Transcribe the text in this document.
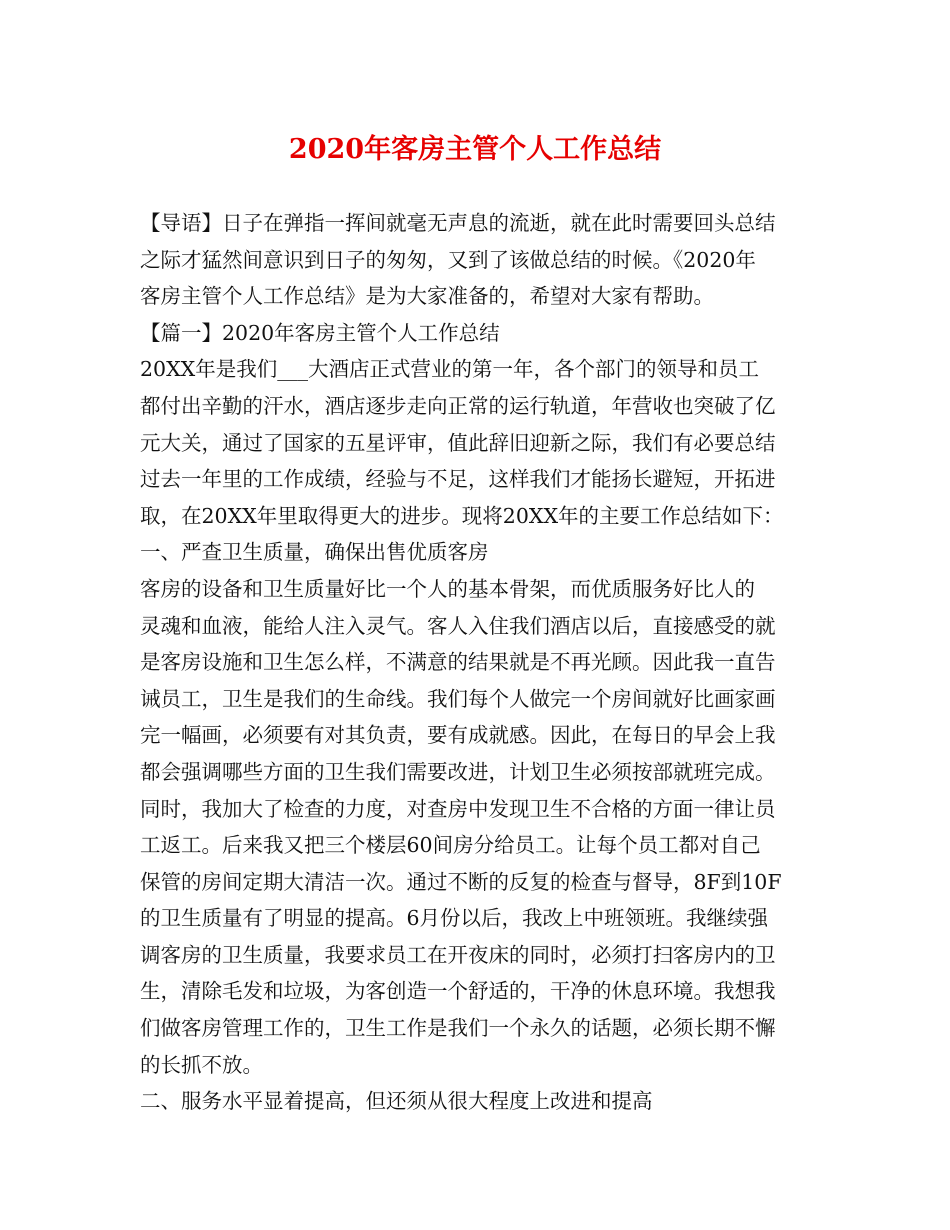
2020年客房主管个人工作总结
【导语】日子在弹指一挥间就毫无声息的流逝，就在此时需要回头总结
之际才猛然间意识到日子的匆匆，又到了该做总结的时候。《2020年
客房主管个人工作总结》是为大家准备的，希望对大家有帮助。
【篇一】2020年客房主管个人工作总结
20XX年是我们___大酒店正式营业的第一年，各个部门的领导和员工
都付出辛勤的汗水，酒店逐步走向正常的运行轨道，年营收也突破了亿
元大关，通过了国家的五星评审，值此辞旧迎新之际，我们有必要总结
过去一年里的工作成绩，经验与不足，这样我们才能扬长避短，开拓进
取，在20XX年里取得更大的进步。现将20XX年的主要工作总结如下：
一、严查卫生质量，确保出售优质客房
客房的设备和卫生质量好比一个人的基本骨架，而优质服务好比人的
灵魂和血液，能给人注入灵气。客人入住我们酒店以后，直接感受的就
是客房设施和卫生怎么样，不满意的结果就是不再光顾。因此我一直告
诫员工，卫生是我们的生命线。我们每个人做完一个房间就好比画家画
完一幅画，必须要有对其负责，要有成就感。因此，在每日的早会上我
都会强调哪些方面的卫生我们需要改进，计划卫生必须按部就班完成。
同时，我加大了检查的力度，对查房中发现卫生不合格的方面一律让员
工返工。后来我又把三个楼层60间房分给员工。让每个员工都对自己
保管的房间定期大清洁一次。通过不断的反复的检查与督导，8F到10F
的卫生质量有了明显的提高。6月份以后，我改上中班领班。我继续强
调客房的卫生质量，我要求员工在开夜床的同时，必须打扫客房内的卫
生，清除毛发和垃圾，为客创造一个舒适的，干净的休息环境。我想我
们做客房管理工作的，卫生工作是我们一个永久的话题，必须长期不懈
的长抓不放。
二、服务水平显着提高，但还须从很大程度上改进和提高
